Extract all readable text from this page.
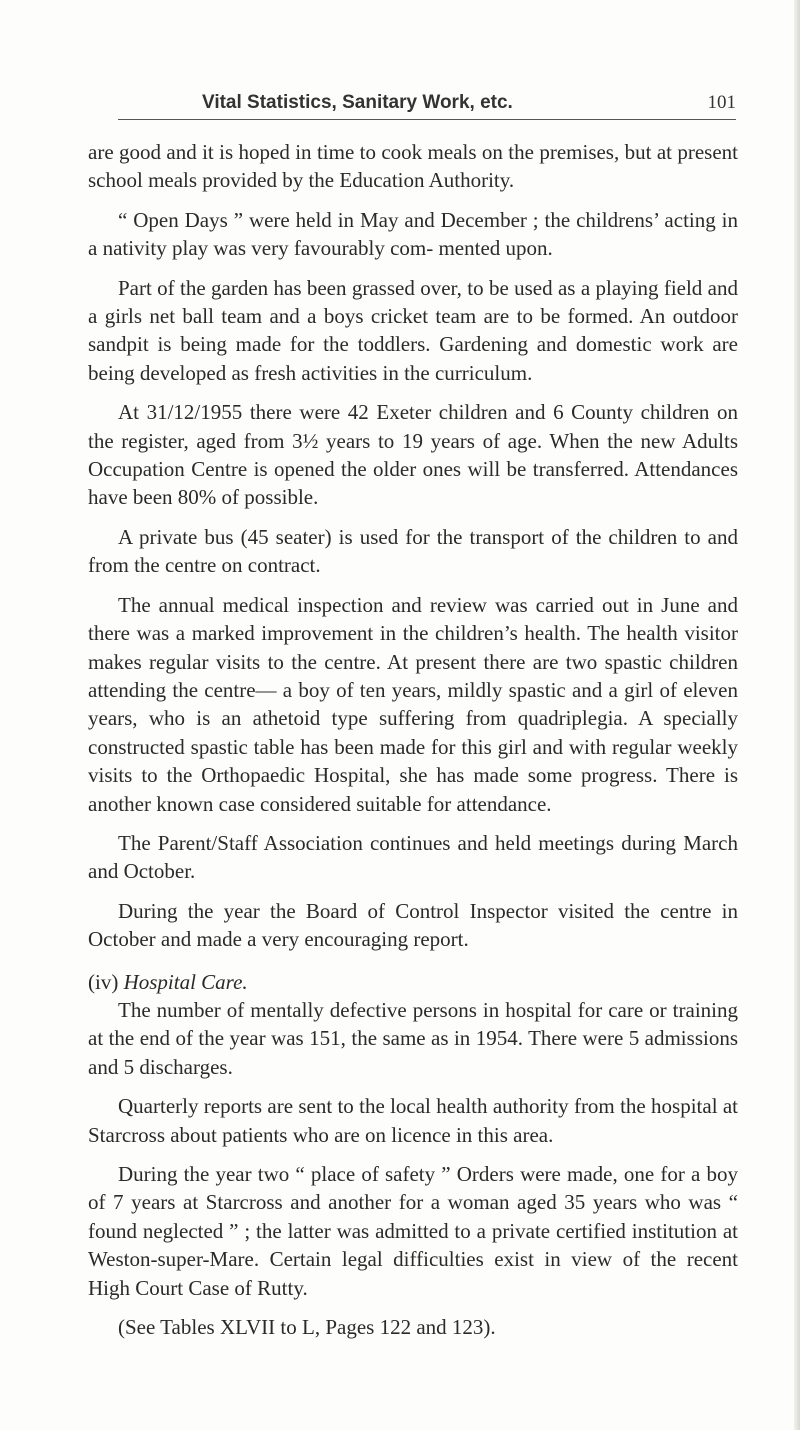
Vital Statistics, Sanitary Work, etc.	101

are good and it is hoped in time to cook meals on the premises, but at present school meals provided by the Education Authority.

“ Open Days ” were held in May and December ; the childrens’ acting in a nativity play was very favourably com- mented upon.

Part of the garden has been grassed over, to be used as a playing field and a girls net ball team and a boys cricket team are to be formed. An outdoor sandpit is being made for the toddlers. Gardening and domestic work are being developed as fresh activities in the curriculum.

At 31/12/1955 there were 42 Exeter children and 6 County children on the register, aged from 3½ years to 19 years of age. When the new Adults Occupation Centre is opened the older ones will be transferred. Attendances have been 80% of possible.

A private bus (45 seater) is used for the transport of the children to and from the centre on contract.

The annual medical inspection and review was carried out in June and there was a marked improvement in the children’s health. The health visitor makes regular visits to the centre. At present there are two spastic children attending the centre— a boy of ten years, mildly spastic and a girl of eleven years, who is an athetoid type suffering from quadriplegia. A specially constructed spastic table has been made for this girl and with regular weekly visits to the Orthopaedic Hospital, she has made some progress. There is another known case considered suitable for attendance.

The Parent/Staff Association continues and held meetings during March and October.

During the year the Board of Control Inspector visited the centre in October and made a very encouraging report.

(iv) Hospital Care.

The number of mentally defective persons in hospital for care or training at the end of the year was 151, the same as in 1954. There were 5 admissions and 5 discharges.

Quarterly reports are sent to the local health authority from the hospital at Starcross about patients who are on licence in this area.

During the year two “ place of safety ” Orders were made, one for a boy of 7 years at Starcross and another for a woman aged 35 years who was “ found neglected ” ; the latter was admitted to a private certified institution at Weston-super-Mare. Certain legal difficulties exist in view of the recent High Court Case of Rutty.

(See Tables XLVII to L, Pages 122 and 123).
